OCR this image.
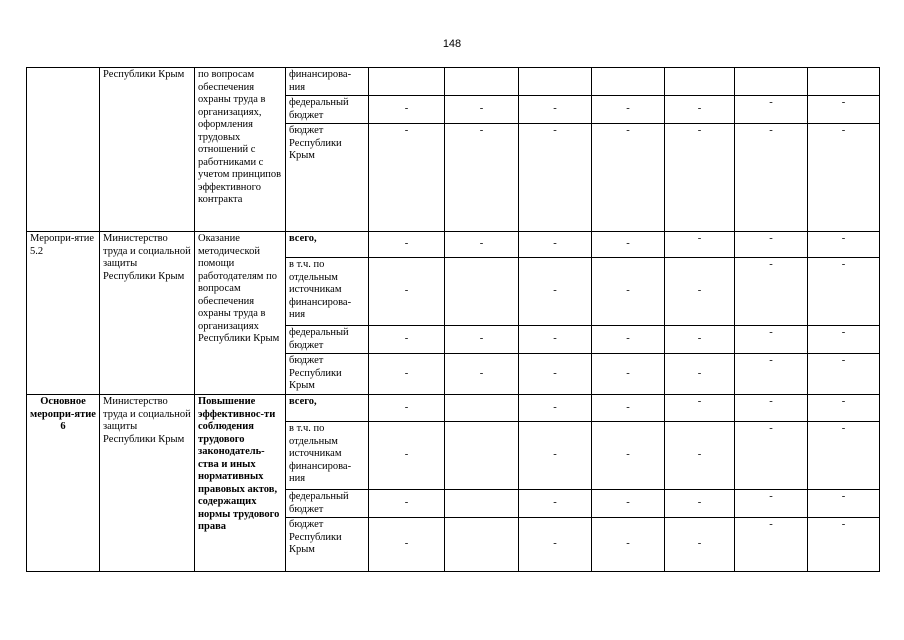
148
	Республики Крым	по вопросам обеспечения охраны труда в организациях, оформления трудовых отношений с работниками с учетом принципов эффективного контракта	финансирова-ния							
			федеральный бюджет	-	-	-	-	-	-	-
			бюджет Республики Крым	-	-	-	-	-	-	-
Меропри-ятие 5.2	Министерство труда и социальной защиты Республики Крым	Оказание методической помощи работодателям по вопросам обеспечения охраны труда в организациях Республики Крым	всего,	-	-	-	-	-	-	-
			в т.ч. по отдельным источникам финансирова-ния	-		-	-	-	-	-
			федеральный бюджет	-	-	-	-	-	-	-
			бюджет Республики Крым	-	-	-	-	-	-	-
Основное меропри-ятие 6	Министерство труда и социальной защиты Республики Крым	Повышение эффективнос-ти соблюдения трудового законодатель-ства и иных нормативных правовых актов, содержащих нормы трудового права	всего,	-		-	-	-	-	-
			в т.ч. по отдельным источникам финансирова-ния	-		-	-	-	-	-
			федеральный бюджет	-		-	-	-	-	-
			бюджет Республики Крым	-		-	-	-	-	-
